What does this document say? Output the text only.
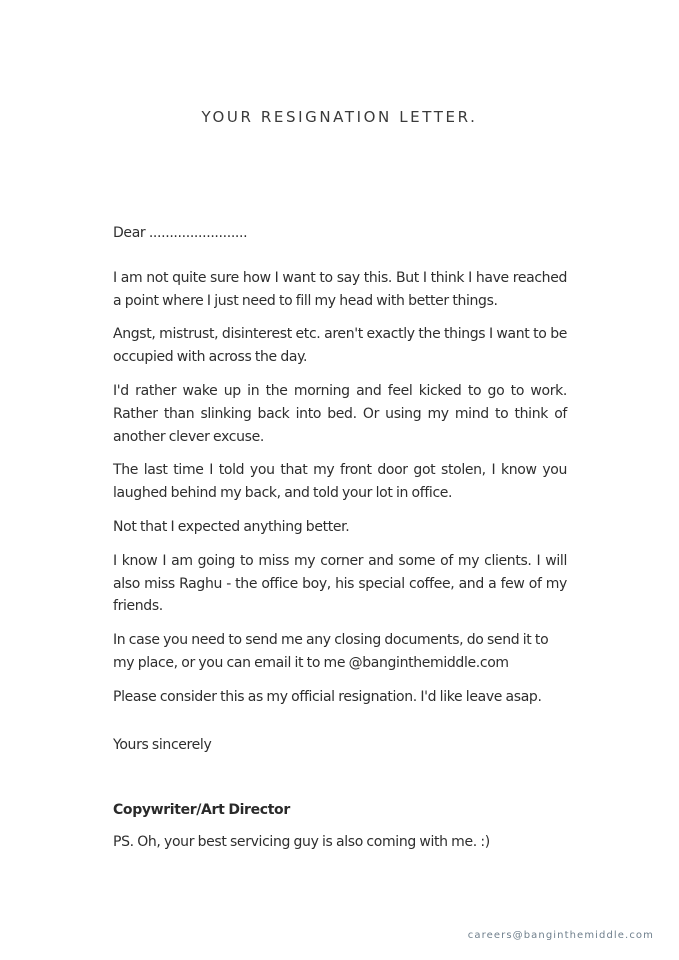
YOUR RESIGNATION LETTER.

Dear ........................

I am not quite sure how I want to say this. But I think I have reached a point where I just need to fill my head with better things.

Angst, mistrust, disinterest etc. aren't exactly the things I want to be occupied with across the day.

I'd rather wake up in the morning and feel kicked to go to work. Rather than slinking back into bed. Or using my mind to think of another clever excuse.

The last time I told you that my front door got stolen, I know you laughed behind my back, and told your lot in office.

Not that I expected anything better.

I know I am going to miss my corner and some of my clients. I will also miss Raghu - the office boy, his special coffee, and a few of my friends.

In case you need to send me any closing documents, do send it to my place, or you can email it to me @banginthemiddle.com

Please consider this as my official resignation. I'd like leave asap.

Yours sincerely

Copywriter/Art Director

PS. Oh, your best servicing guy is also coming with me. :)

careers@banginthemiddle.com
